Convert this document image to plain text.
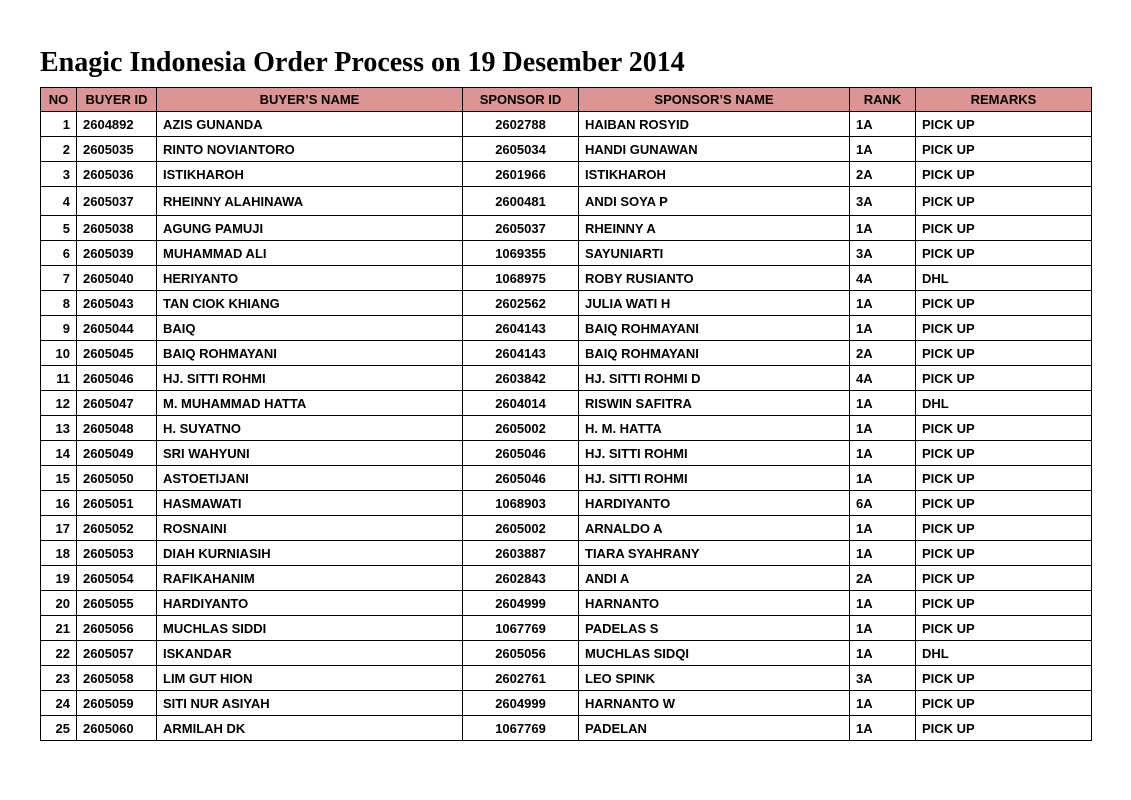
Enagic Indonesia Order Process on 19 Desember 2014
NO	BUYER ID	BUYER’S NAME	SPONSOR ID	SPONSOR’S NAME	RANK	REMARKS
1	2604892	AZIS GUNANDA	2602788	HAIBAN ROSYID	1A	PICK UP
2	2605035	RINTO NOVIANTORO	2605034	HANDI GUNAWAN	1A	PICK UP
3	2605036	ISTIKHAROH	2601966	ISTIKHAROH	2A	PICK UP
4	2605037	RHEINNY ALAHINAWA	2600481	ANDI SOYA P	3A	PICK UP
5	2605038	AGUNG PAMUJI	2605037	RHEINNY A	1A	PICK UP
6	2605039	MUHAMMAD ALI	1069355	SAYUNIARTI	3A	PICK UP
7	2605040	HERIYANTO	1068975	ROBY RUSIANTO	4A	DHL
8	2605043	TAN CIOK KHIANG	2602562	JULIA WATI H	1A	PICK UP
9	2605044	BAIQ	2604143	BAIQ ROHMAYANI	1A	PICK UP
10	2605045	BAIQ ROHMAYANI	2604143	BAIQ ROHMAYANI	2A	PICK UP
11	2605046	HJ. SITTI ROHMI	2603842	HJ. SITTI ROHMI D	4A	PICK UP
12	2605047	M. MUHAMMAD HATTA	2604014	RISWIN SAFITRA	1A	DHL
13	2605048	H. SUYATNO	2605002	H. M. HATTA	1A	PICK UP
14	2605049	SRI WAHYUNI	2605046	HJ. SITTI ROHMI	1A	PICK UP
15	2605050	ASTOETIJANI	2605046	HJ. SITTI ROHMI	1A	PICK UP
16	2605051	HASMAWATI	1068903	HARDIYANTO	6A	PICK UP
17	2605052	ROSNAINI	2605002	ARNALDO A	1A	PICK UP
18	2605053	DIAH KURNIASIH	2603887	TIARA SYAHRANY	1A	PICK UP
19	2605054	RAFIKAHANIM	2602843	ANDI A	2A	PICK UP
20	2605055	HARDIYANTO	2604999	HARNANTO	1A	PICK UP
21	2605056	MUCHLAS SIDDI	1067769	PADELAS S	1A	PICK UP
22	2605057	ISKANDAR	2605056	MUCHLAS SIDQI	1A	DHL
23	2605058	LIM GUT HION	2602761	LEO SPINK	3A	PICK UP
24	2605059	SITI NUR ASIYAH	2604999	HARNANTO W	1A	PICK UP
25	2605060	ARMILAH DK	1067769	PADELAN	1A	PICK UP
